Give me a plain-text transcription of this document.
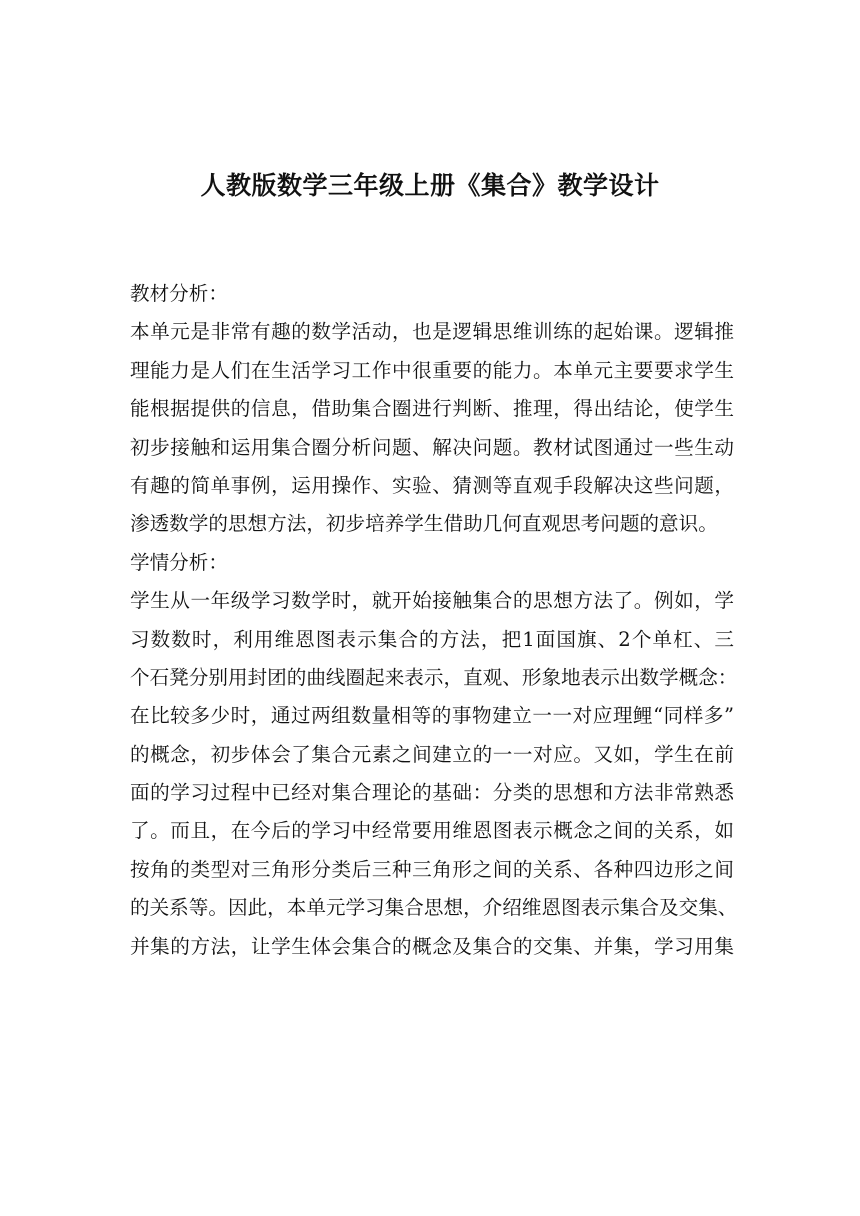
人教版数学三年级上册《集合》教学设计
教材分析：
本单元是非常有趣的数学活动，也是逻辑思维训练的起始课。逻辑推
理能力是人们在生活学习工作中很重要的能力。本单元主要要求学生
能根据提供的信息，借助集合圈进行判断、推理，得出结论，使学生
初步接触和运用集合圈分析问题、解决问题。教材试图通过一些生动
有趣的简单事例，运用操作、实验、猜测等直观手段解决这些问题，
渗透数学的思想方法，初步培养学生借助几何直观思考问题的意识。
学情分析：
学生从一年级学习数学时，就开始接触集合的思想方法了。例如，学
习数数时，利用维恩图表示集合的方法，把1面国旗、2个单杠、三
个石凳分别用封团的曲线圈起来表示，直观、形象地表示出数学概念：
在比较多少时，通过两组数量相等的事物建立一一对应理鲤“同样多”
的概念，初步体会了集合元素之间建立的一一对应。又如，学生在前
面的学习过程中已经对集合理论的基础：分类的思想和方法非常熟悉
了。而且，在今后的学习中经常要用维恩图表示概念之间的关系，如
按角的类型对三角形分类后三种三角形之间的关系、各种四边形之间
的关系等。因此，本单元学习集合思想，介绍维恩图表示集合及交集、
并集的方法，让学生体会集合的概念及集合的交集、并集，学习用集
